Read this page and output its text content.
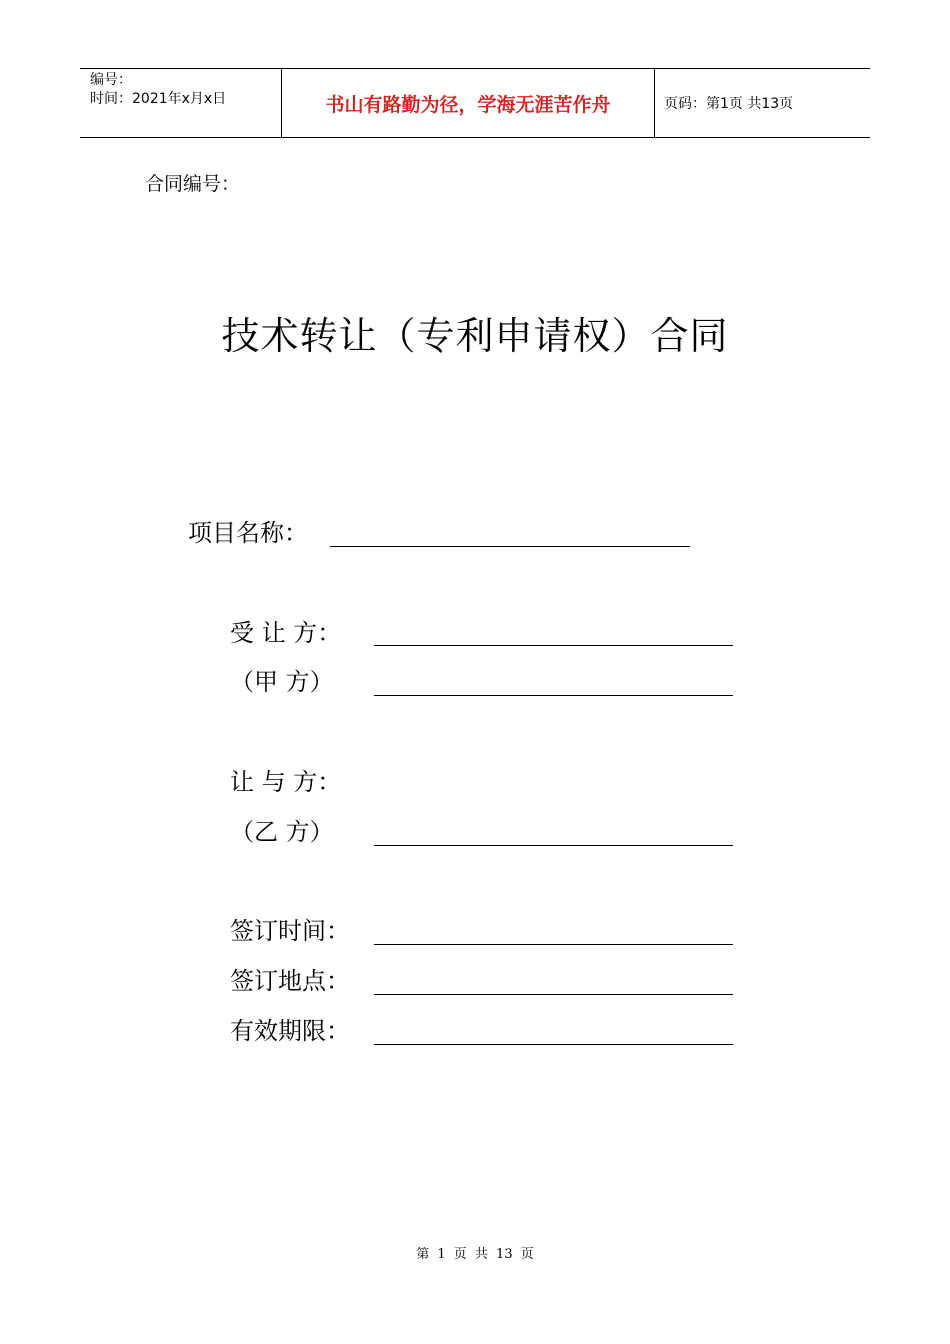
编号：
时间：2021年x月x日	书山有路勤为径，学海无涯苦作舟	页码：第1页 共13页
合同编号：
技术转让（专利申请权）合同
项目名称：
受 让 方：
（甲 方）
让 与 方：
（乙 方）
签订时间：
签订地点：
有效期限：
第 1 页 共 13 页
